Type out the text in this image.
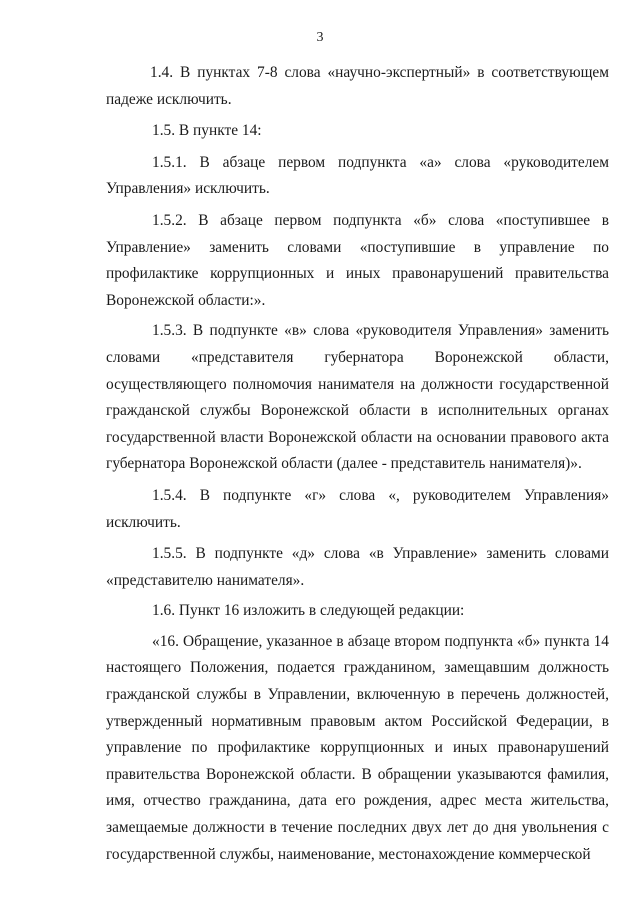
3

1.4. В пунктах 7-8 слова «научно-экспертный» в соответствующем падеже исключить.

1.5. В пункте 14:

1.5.1. В абзаце первом подпункта «а» слова «руководителем Управления» исключить.

1.5.2. В абзаце первом подпункта «б» слова «поступившее в Управление» заменить словами «поступившие в управление по профилактике коррупционных и иных правонарушений правительства Воронежской области:».

1.5.3. В подпункте «в» слова «руководителя Управления» заменить словами «представителя губернатора Воронежской области, осуществляющего полномочия нанимателя на должности государственной гражданской службы Воронежской области в исполнительных органах государственной власти Воронежской области на основании правового акта губернатора Воронежской области (далее - представитель нанимателя)».

1.5.4. В подпункте «г» слова «, руководителем Управления» исключить.

1.5.5. В подпункте «д» слова «в Управление» заменить словами «представителю нанимателя».

1.6. Пункт 16 изложить в следующей редакции:

«16. Обращение, указанное в абзаце втором подпункта «б» пункта 14 настоящего Положения, подается гражданином, замещавшим должность гражданской службы в Управлении, включенную в перечень должностей, утвержденный нормативным правовым актом Российской Федерации, в управление по профилактике коррупционных и иных правонарушений правительства Воронежской области. В обращении указываются фамилия, имя, отчество гражданина, дата его рождения, адрес места жительства, замещаемые должности в течение последних двух лет до дня увольнения с государственной службы, наименование, местонахождение коммерческой
